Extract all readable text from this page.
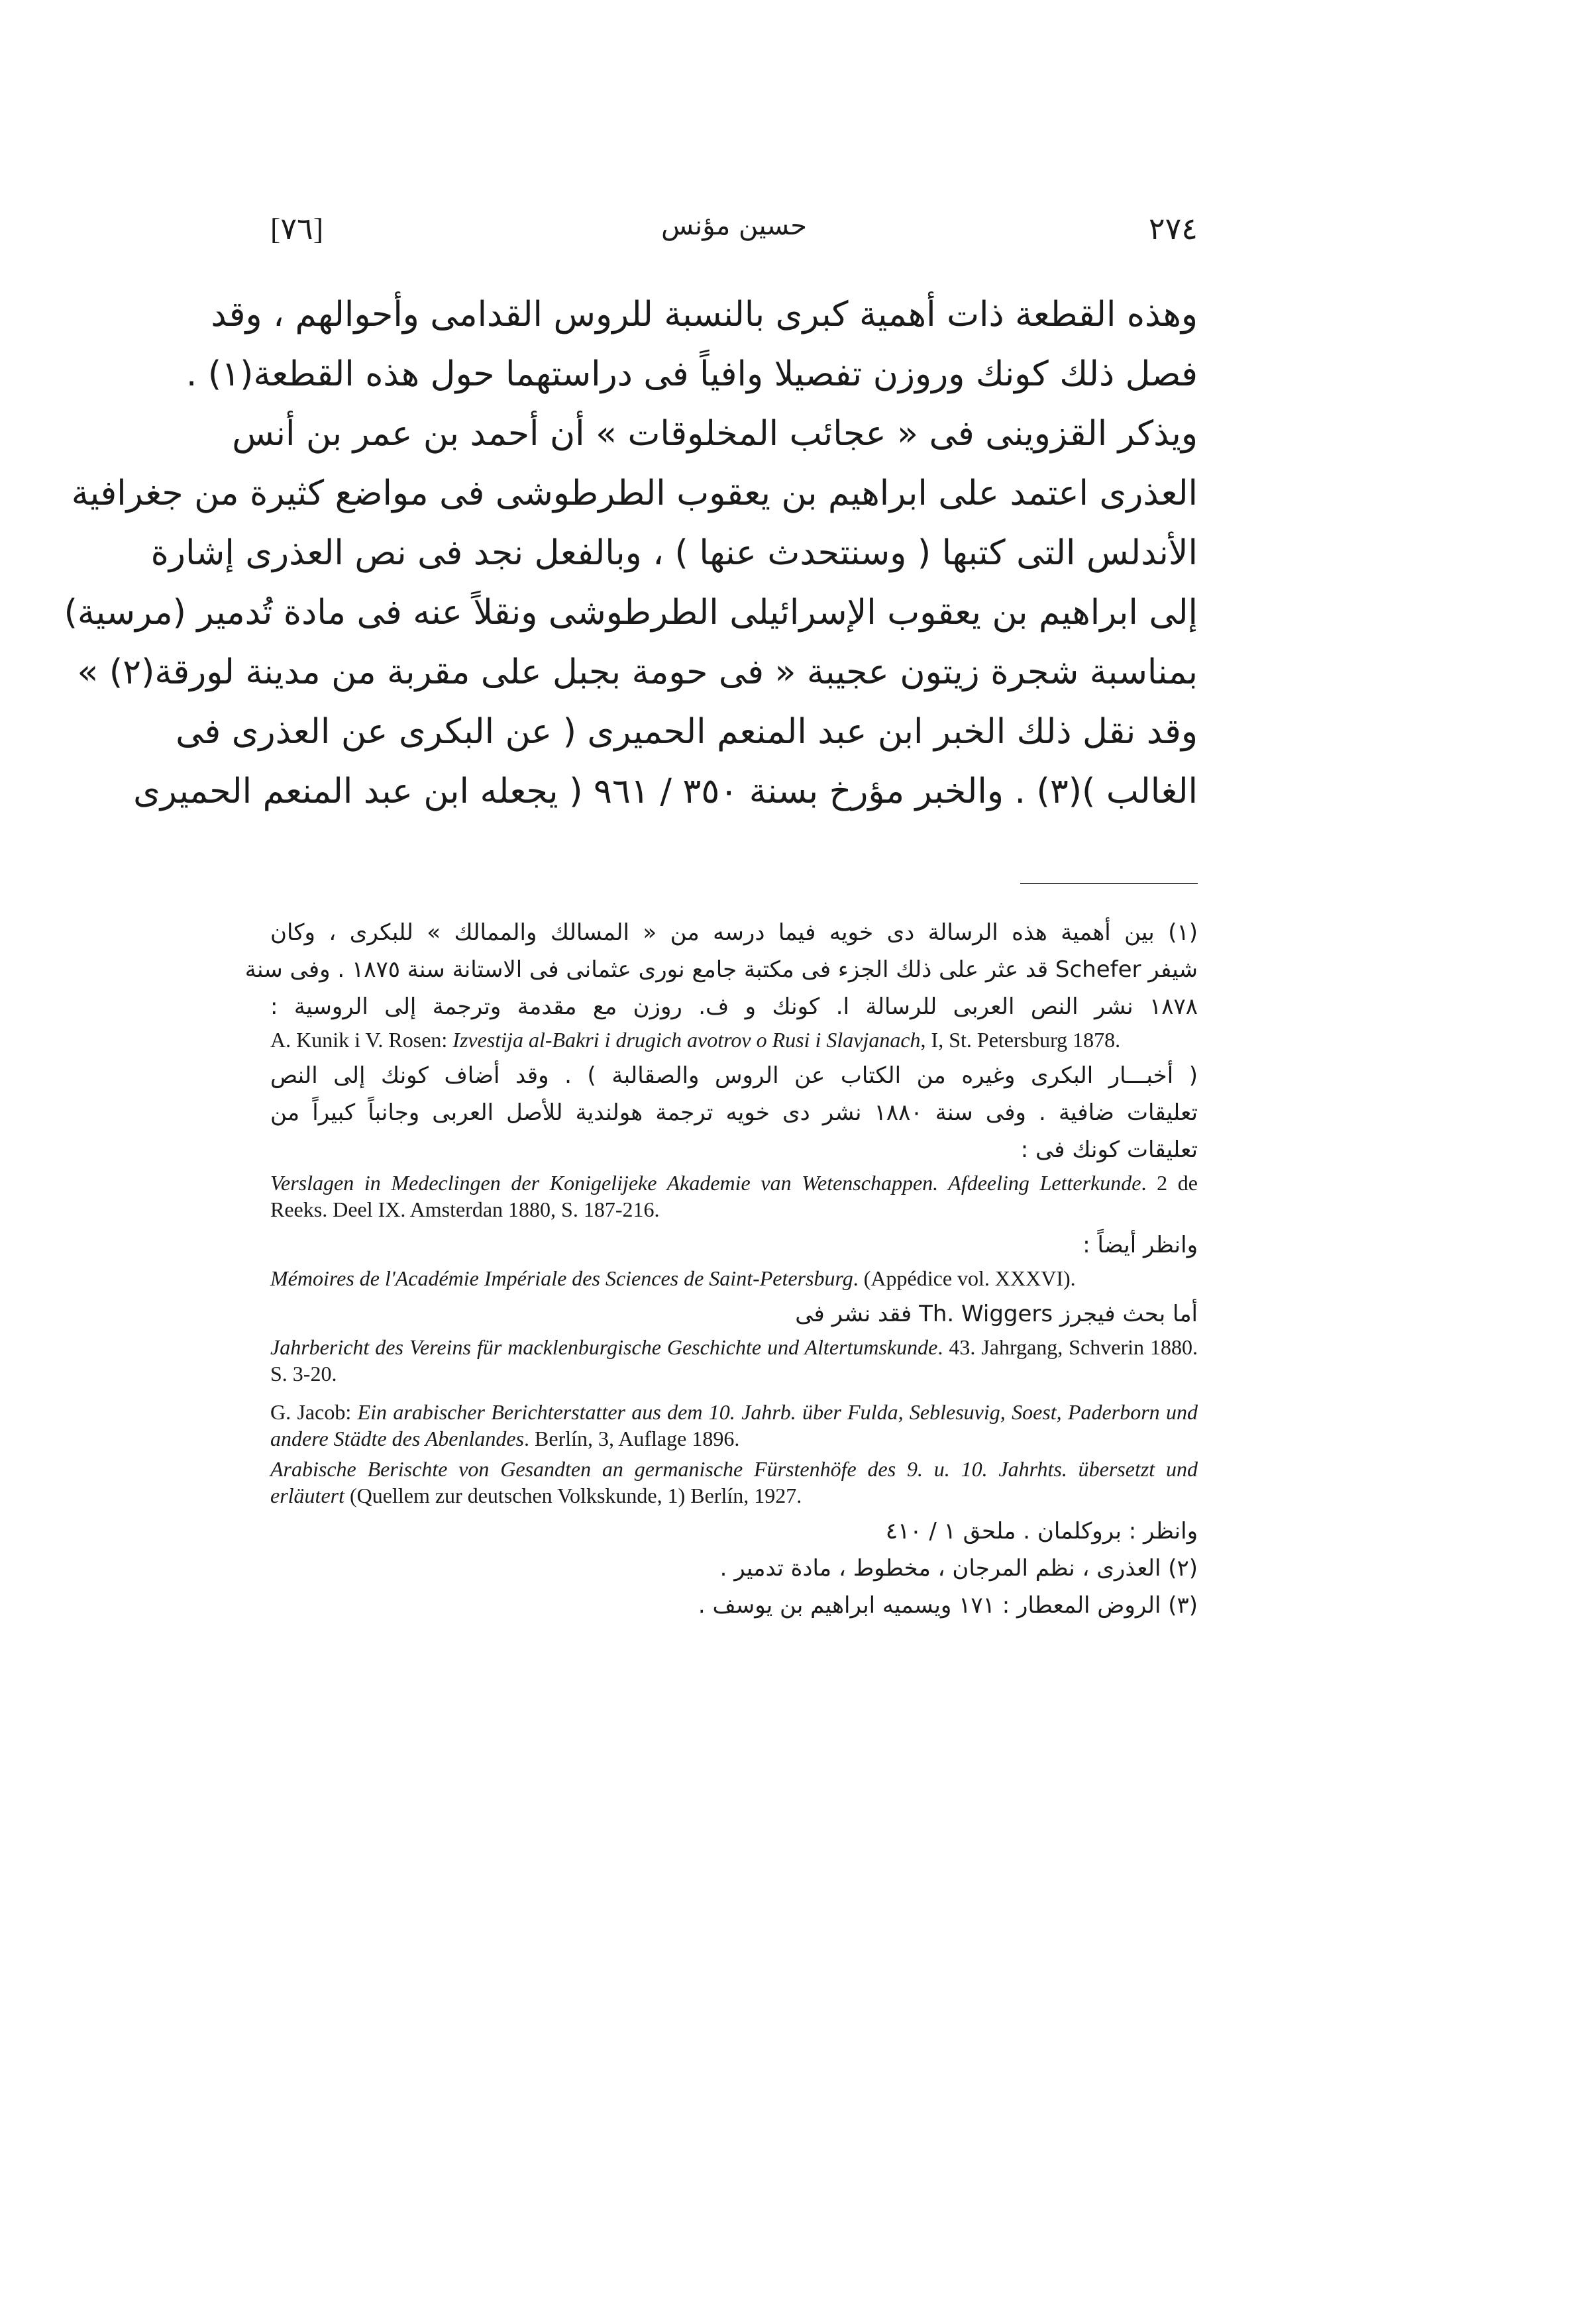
[٧٦]	حسين مؤنس	٢٧٤
وهذه القطعة ذات أهمية كبرى بالنسبة للروس القدامى وأحوالهم ، وقد
فصل ذلك كونك وروزن تفصيلا وافياً فى دراستهما حول هذه القطعة(١) .
ويذكر القزوينى فى « عجائب المخلوقات » أن أحمد بن عمر بن أنس
العذرى اعتمد على ابراهيم بن يعقوب الطرطوشى فى مواضع كثيرة من جغرافية
الأندلس التى كتبها ( وسنتحدث عنها ) ، وبالفعل نجد فى نص العذرى إشارة
إلى ابراهيم بن يعقوب الإسرائيلى الطرطوشى ونقلاً عنه فى مادة تُدمير (مرسية)
بمناسبة شجرة زيتون عجيبة « فى حومة بجبل على مقربة من مدينة لورقة(٢) »
وقد نقل ذلك الخبر ابن عبد المنعم الحميرى ( عن البكرى عن العذرى فى
الغالب )(٣) . والخبر مؤرخ بسنة ٣٥٠ / ٩٦١ ( يجعله ابن عبد المنعم الحميرى
(١) بين أهمية هذه الرسالة دى خويه فيما درسه من « المسالك والممالك » للبكرى ، وكان
شيفر Schefer قد عثر على ذلك الجزء فى مكتبة جامع نورى عثمانى فى الاستانة سنة ١٨٧٥ . وفى سنة
١٨٧٨ نشر النص العربى للرسالة ا. كونك و ف. روزن مع مقدمة وترجمة إلى الروسية :
A. Kunik i V. Rosen: Izvestija al-Bakri i drugich avotrov o Rusi i Slavjanach, I, St. Petersburg 1878.
( أخبـــار البكرى وغيره من الكتاب عن الروس والصقالبة ) . وقد أضاف كونك إلى النص
تعليقات ضافية . وفى سنة ١٨٨٠ نشر دى خويه ترجمة هولندية للأصل العربى وجانباً كبيراً من
تعليقات كونك فى :
Verslagen in Medeclingen der Konigelijeke Akademie van Wetenschappen. Afdeeling Letterkunde. 2 de Reeks. Deel IX. Amsterdan 1880, S. 187-216.
وانظر أيضاً :
Mémoires de l'Académie Impériale des Sciences de Saint-Petersburg. (Appédice vol. XXXVI).
أما بحث فيجرز Th. Wiggers فقد نشر فى
Jahrbericht des Vereins für macklenburgische Geschichte und Altertumskunde. 43. Jahrgang, Schverin 1880. S. 3-20.
G. Jacob: Ein arabischer Berichterstatter aus dem 10. Jahrb. über Fulda, Seblesuvig, Soest, Paderborn und andere Städte des Abenlandes. Berlín, 3, Auflage 1896.
Arabische Berischte von Gesandten an germanische Fürstenhöfe des 9. u. 10. Jahrhts. übersetzt und erläutert (Quellem zur deutschen Volkskunde, 1) Berlín, 1927.
وانظر : بروكلمان . ملحق ١ / ٤١٠
(٢) العذرى ، نظم المرجان ، مخطوط ، مادة تدمير .
(٣) الروض المعطار : ١٧١ ويسميه ابراهيم بن يوسف .
